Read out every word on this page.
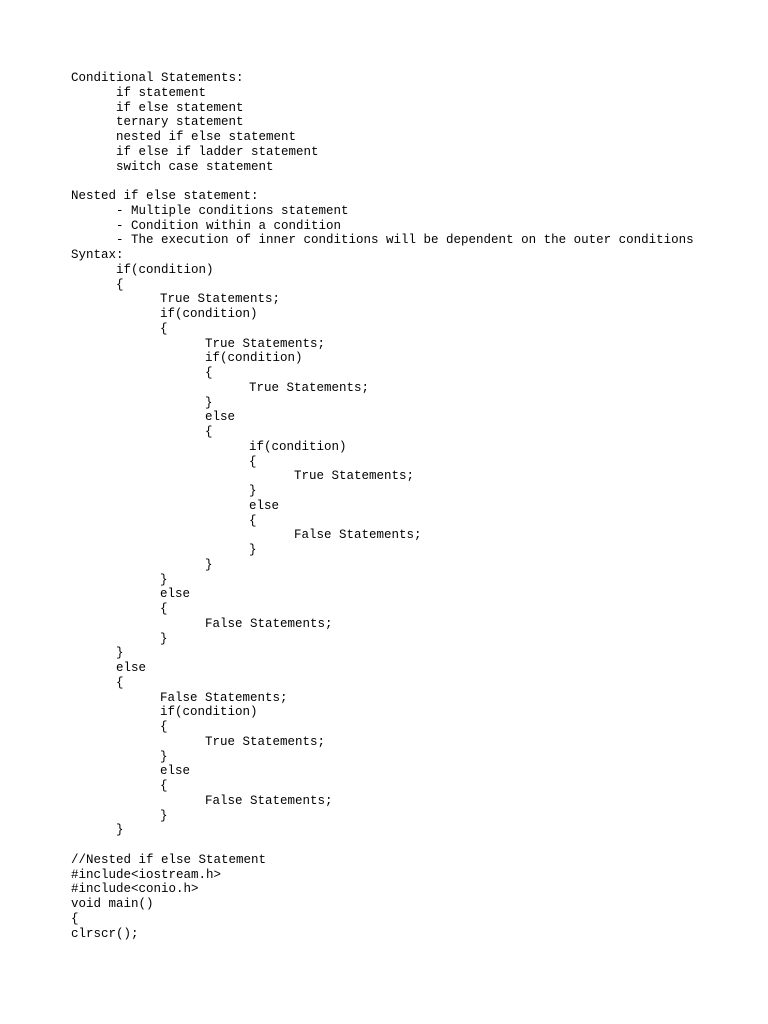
Conditional Statements:
if statement
if else statement
ternary statement
nested if else statement
if else if ladder statement
switch case statement
Nested if else statement:
- Multiple conditions statement
- Condition within a condition
- The execution of inner conditions will be dependent on the outer conditions
Syntax:
if(condition)
{
True Statements;
if(condition)
{
True Statements;
if(condition)
{
True Statements;
}
else
{
if(condition)
{
True Statements;
}
else
{
False Statements;
}
}
}
else
{
False Statements;
}
}
else
{
False Statements;
if(condition)
{
True Statements;
}
else
{
False Statements;
}
}
//Nested if else Statement
#include<iostream.h>
#include<conio.h>
void main()
{
clrscr();
